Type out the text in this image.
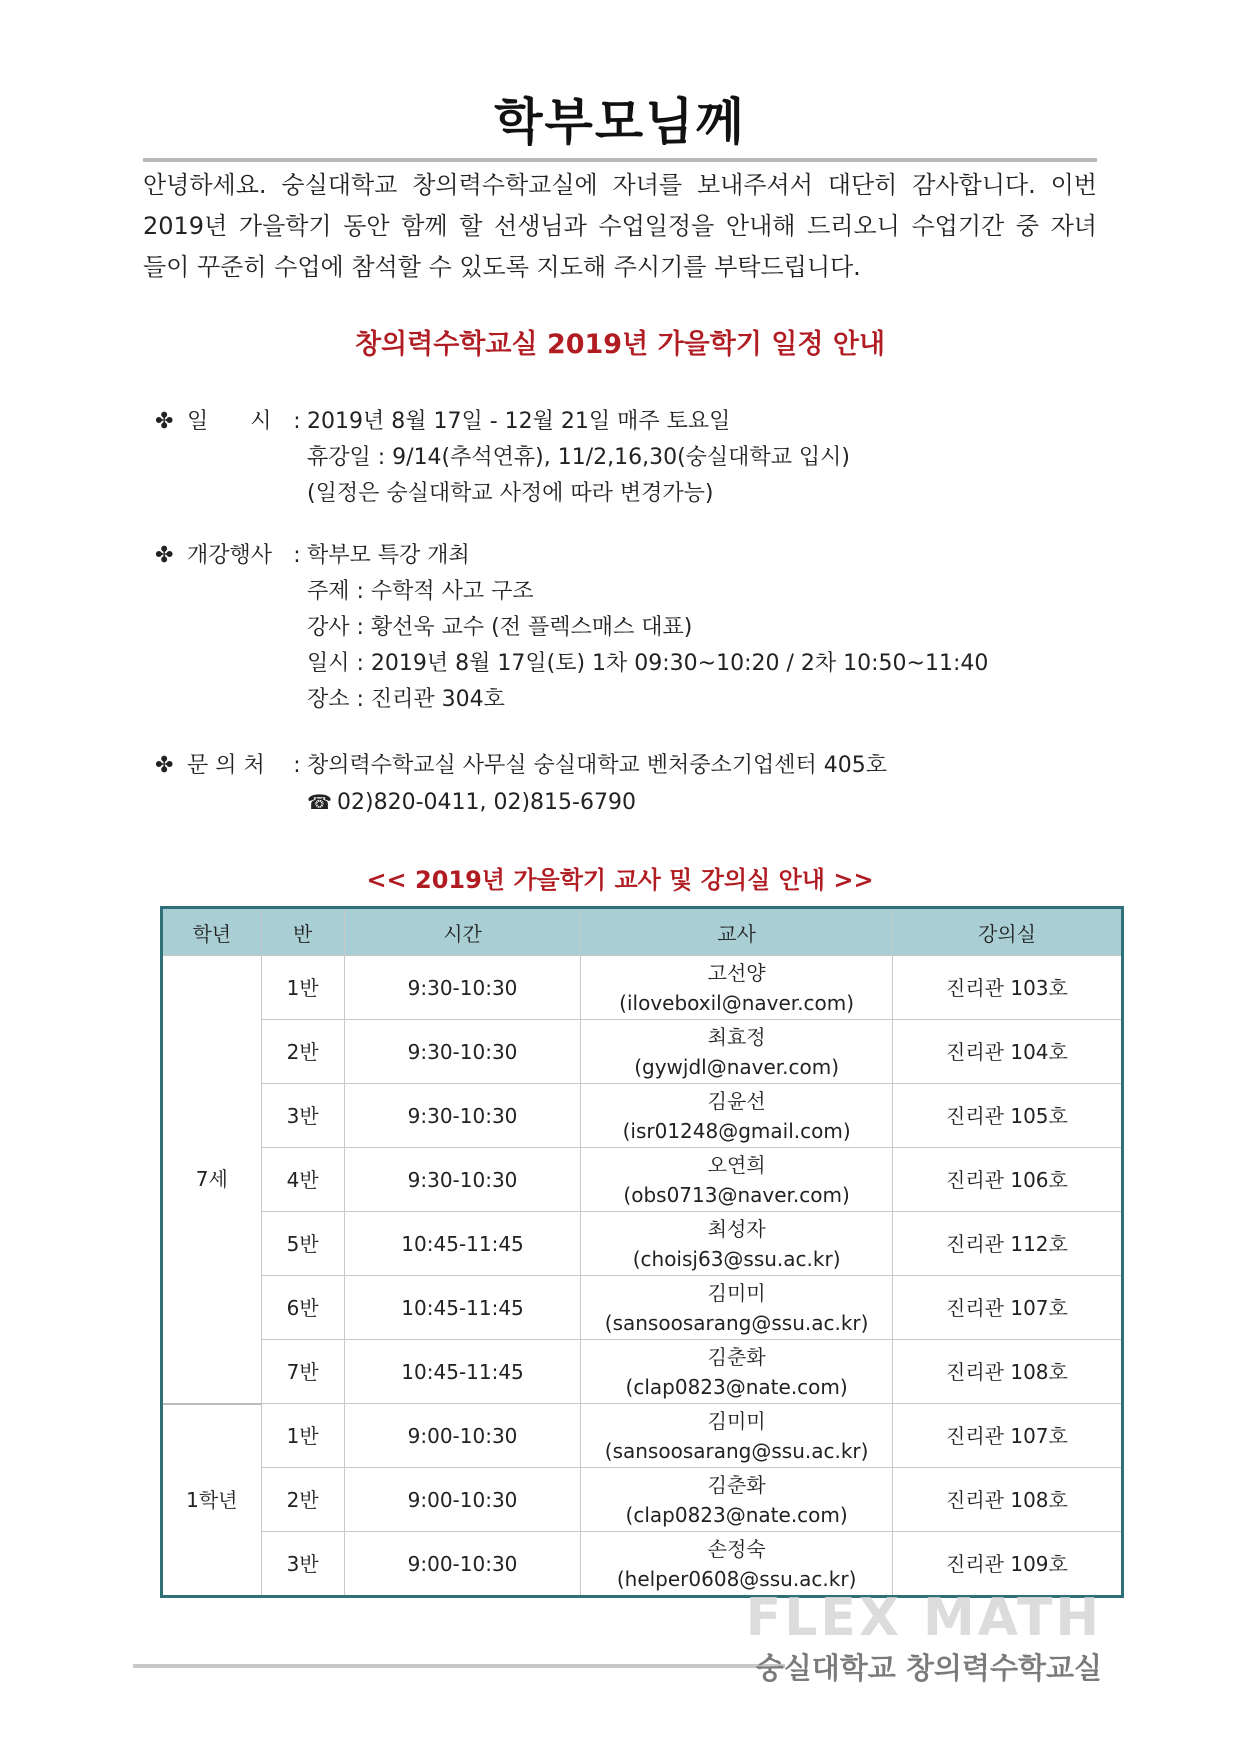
학부모님께
안녕하세요. 숭실대학교 창의력수학교실에 자녀를 보내주셔서 대단히 감사합니다. 이번
2019년 가을학기 동안 함께 할 선생님과 수업일정을 안내해 드리오니 수업기간 중 자녀
들이 꾸준히 수업에 참석할 수 있도록 지도해 주시기를 부탁드립니다.
창의력수학교실 2019년 가을학기 일정 안내
✤ 일      시 : 2019년 8월 17일 - 12월 21일 매주 토요일
휴강일 : 9/14(추석연휴), 11/2,16,30(숭실대학교 입시)
(일정은 숭실대학교 사정에 따라 변경가능)
✤ 개강행사 : 학부모 특강 개최
주제 : 수학적 사고 구조
강사 : 황선욱 교수 (전 플렉스매스 대표)
일시 : 2019년 8월 17일(토) 1차 09:30~10:20 / 2차 10:50~11:40
장소 : 진리관 304호
✤ 문 의 처 : 창의력수학교실 사무실 숭실대학교 벤처중소기업센터 405호
☎ 02)820-0411, 02)815-6790
<< 2019년 가을학기 교사 및 강의실 안내 >>
학년	반	시간	교사	강의실
7세	1반	9:30-10:30	고선양
(iloveboxil@naver.com)	진리관 103호
	2반	9:30-10:30	최효정
(gywjdl@naver.com)	진리관 104호
	3반	9:30-10:30	김윤선
(isr01248@gmail.com)	진리관 105호
	4반	9:30-10:30	오연희
(obs0713@naver.com)	진리관 106호
	5반	10:45-11:45	최성자
(choisj63@ssu.ac.kr)	진리관 112호
	6반	10:45-11:45	김미미
(sansoosarang@ssu.ac.kr)	진리관 107호
	7반	10:45-11:45	김춘화
(clap0823@nate.com)	진리관 108호
1학년	1반	9:00-10:30	김미미
(sansoosarang@ssu.ac.kr)	진리관 107호
	2반	9:00-10:30	김춘화
(clap0823@nate.com)	진리관 108호
	3반	9:00-10:30	손정숙
(helper0608@ssu.ac.kr)	진리관 109호
FLEX MATH
숭실대학교 창의력수학교실
